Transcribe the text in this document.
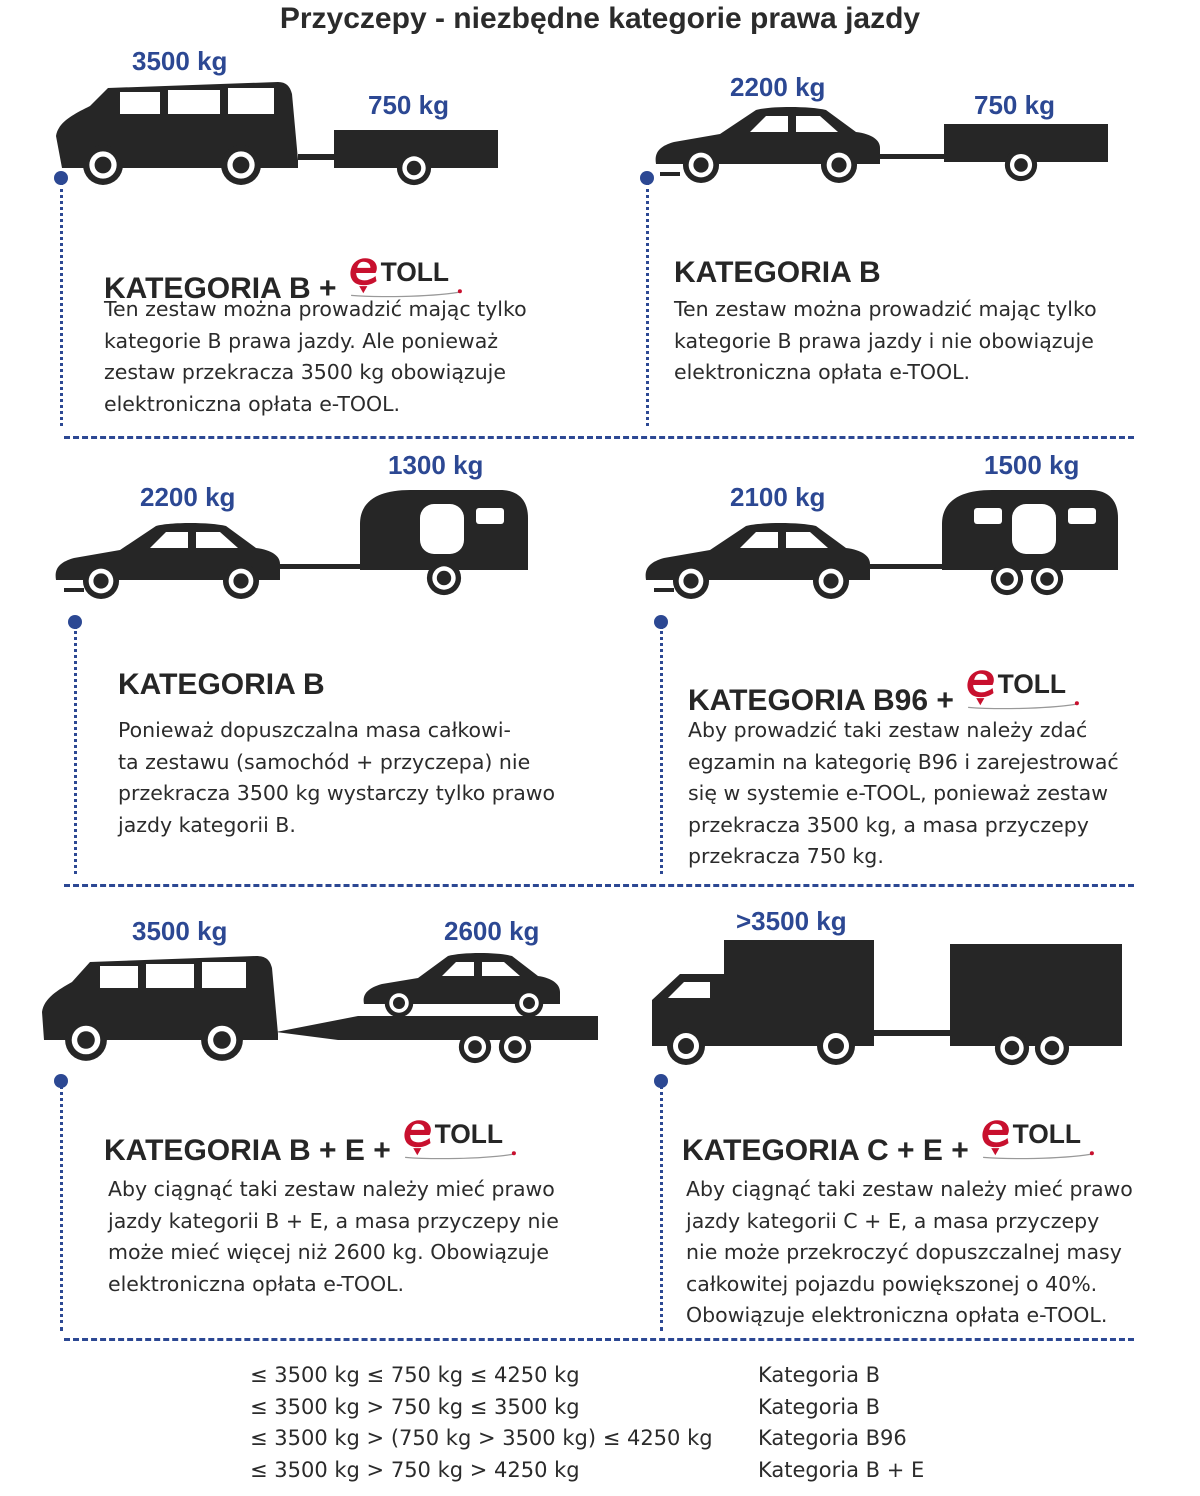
Przyczepy - niezbędne kategorie prawa jazdy
3500 kg
750 kg
KATEGORIA B + TOLL
Ten zestaw można prowadzić mając tylko
kategorie B prawa jazdy. Ale ponieważ
zestaw przekracza 3500 kg obowiązuje
elektroniczna opłata e-TOOL.
2200 kg
750 kg
KATEGORIA B
Ten zestaw można prowadzić mając tylko
kategorie B prawa jazdy i nie obowiązuje
elektroniczna opłata e-TOOL.
2200 kg
1300 kg
KATEGORIA B
Ponieważ dopuszczalna masa całkowi-
ta zestawu (samochód + przyczepa) nie
przekracza 3500 kg wystarczy tylko prawo
jazdy kategorii B.
2100 kg
1500 kg
KATEGORIA B96 + TOLL
Aby prowadzić taki zestaw należy zdać
egzamin na kategorię B96 i zarejestrować
się w systemie e-TOOL, ponieważ zestaw
przekracza 3500 kg, a masa przyczepy
przekracza 750 kg.
3500 kg	2600 kg
KATEGORIA B + E + TOLL
Aby ciągnąć taki zestaw należy mieć prawo
jazdy kategorii B + E, a masa przyczepy nie
może mieć więcej niż 2600 kg. Obowiązuje
elektroniczna opłata e-TOOL.
>3500 kg
KATEGORIA C + E + TOLL
Aby ciągnąć taki zestaw należy mieć prawo
jazdy kategorii C + E, a masa przyczepy
nie może przekroczyć dopuszczalnej masy
całkowitej pojazdu powiększonej o 40%.
Obowiązuje elektroniczna opłata e-TOOL.
≤ 3500 kg ≤ 750 kg ≤ 4250 kg
≤ 3500 kg > 750 kg ≤ 3500 kg
≤ 3500 kg > (750 kg > 3500 kg) ≤ 4250 kg
≤ 3500 kg > 750 kg > 4250 kg
Kategoria B
Kategoria B
Kategoria B96
Kategoria B + E
